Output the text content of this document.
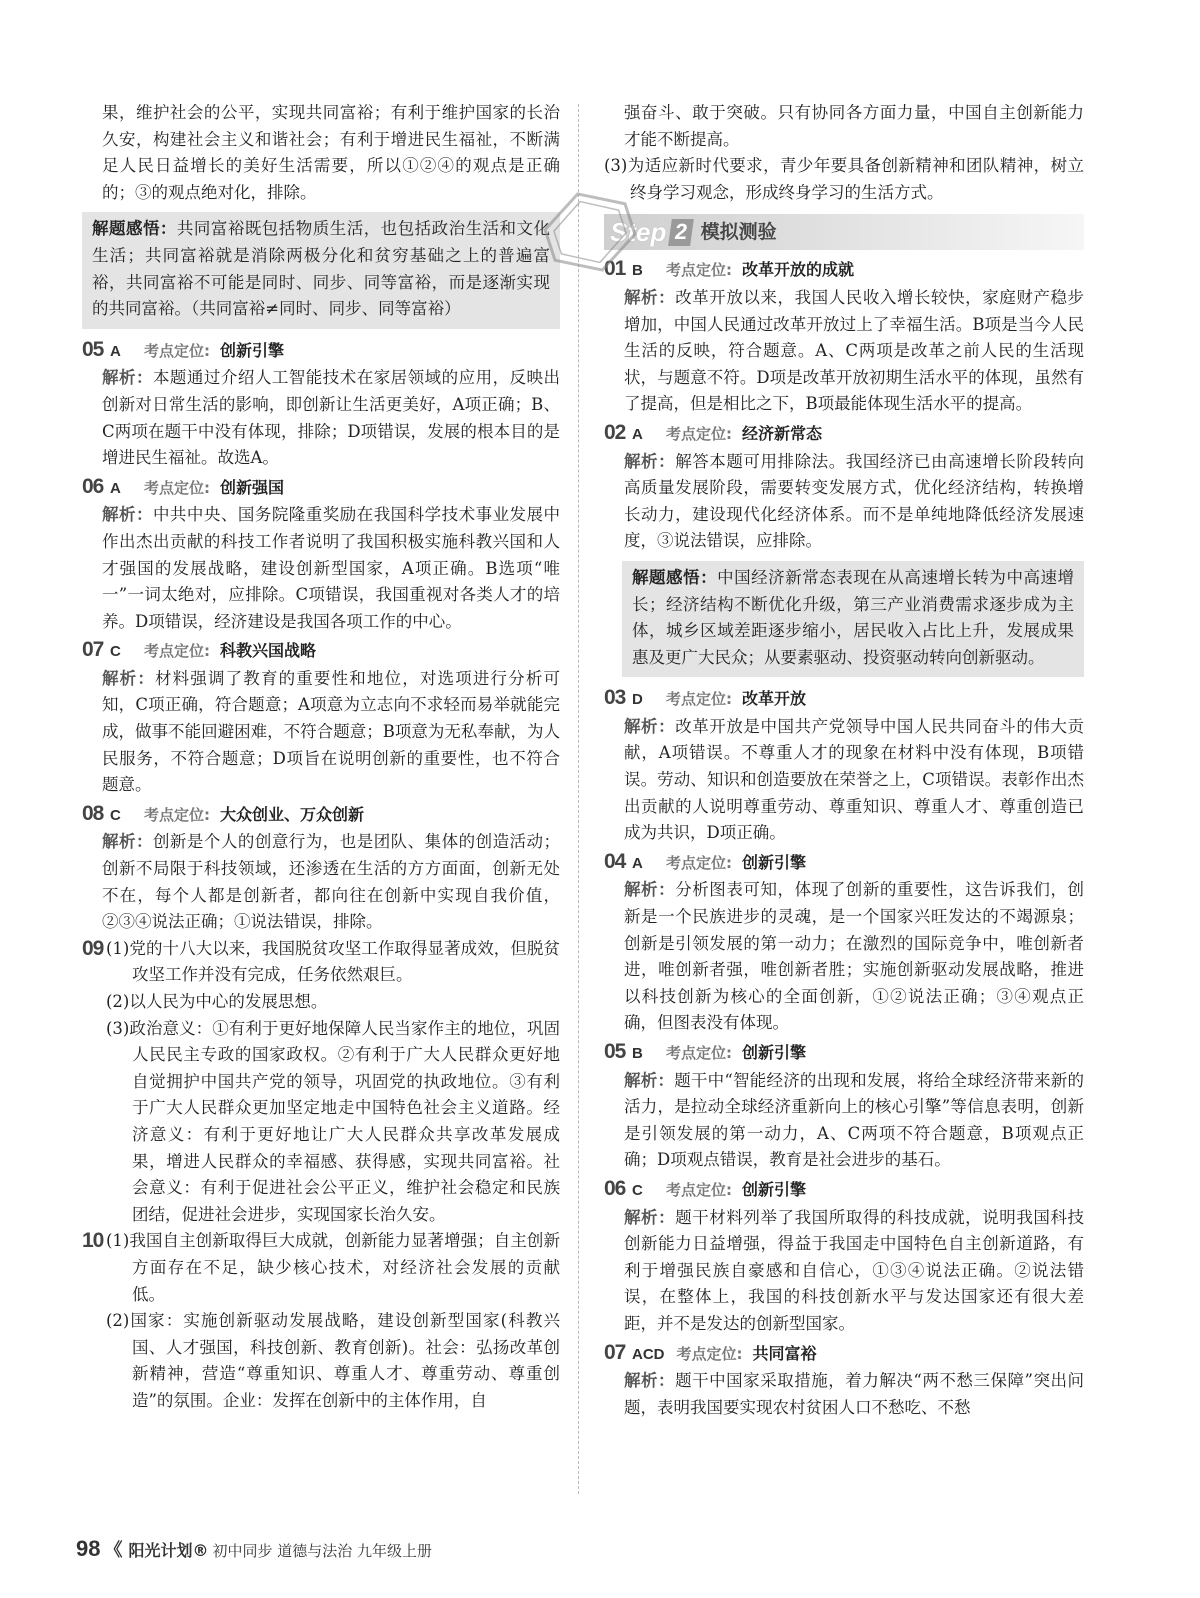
果，维护社会的公平，实现共同富裕；有利于维护国家的长治久安，构建社会主义和谐社会；有利于增进民生福祉，不断满足人民日益增长的美好生活需要，所以①②④的观点是正确的；③的观点绝对化，排除。

解题感悟：共同富裕既包括物质生活，也包括政治生活和文化生活；共同富裕就是消除两极分化和贫穷基础之上的普遍富裕，共同富裕不可能是同时、同步、同等富裕，而是逐渐实现的共同富裕。（共同富裕≠同时、同步、同等富裕）
05 A	考点定位: 创新引擎

解析：本题通过介绍人工智能技术在家居领域的应用，反映出创新对日常生活的影响，即创新让生活更美好，A项正确；B、C两项在题干中没有体现，排除；D项错误，发展的根本目的是增进民生福祉。故选A。

06 A	考点定位: 创新强国

解析：中共中央、国务院隆重奖励在我国科学技术事业发展中作出杰出贡献的科技工作者说明了我国积极实施科教兴国和人才强国的发展战略，建设创新型国家，A项正确。B选项“唯一”一词太绝对，应排除。C项错误，我国重视对各类人才的培养。D项错误，经济建设是我国各项工作的中心。

07 C	考点定位: 科教兴国战略

解析：材料强调了教育的重要性和地位，对选项进行分析可知，C项正确，符合题意；A项意为立志向不求轻而易举就能完成，做事不能回避困难，不符合题意；B项意为无私奉献，为人民服务，不符合题意；D项旨在说明创新的重要性，也不符合题意。

08 C	考点定位: 大众创业、万众创新

解析：创新是个人的创意行为，也是团队、集体的创造活动；创新不局限于科技领域，还渗透在生活的方方面面，创新无处不在，每个人都是创新者，都向往在创新中实现自我价值，②③④说法正确；①说法错误，排除。

09 (1)党的十八大以来，我国脱贫攻坚工作取得显著成效，但脱贫攻坚工作并没有完成，任务依然艰巨。

(2)以人民为中心的发展思想。

(3)政治意义：①有利于更好地保障人民当家作主的地位，巩固人民民主专政的国家政权。②有利于广大人民群众更好地自觉拥护中国共产党的领导，巩固党的执政地位。③有利于广大人民群众更加坚定地走中国特色社会主义道路。经济意义：有利于更好地让广大人民群众共享改革发展成果，增进人民群众的幸福感、获得感，实现共同富裕。社会意义：有利于促进社会公平正义，维护社会稳定和民族团结，促进社会进步，实现国家长治久安。

10 (1)我国自主创新取得巨大成就，创新能力显著增强；自主创新方面存在不足，缺少核心技术，对经济社会发展的贡献低。

(2)国家：实施创新驱动发展战略，建设创新型国家(科教兴国、人才强国，科技创新、教育创新)。社会：弘扬改革创新精神，营造“尊重知识、尊重人才、尊重劳动、尊重创造”的氛围。企业：发挥在创新中的主体作用，自

强奋斗、敢于突破。只有协同各方面力量，中国自主创新能力才能不断提高。

(3)为适应新时代要求，青少年要具备创新精神和团队精神，树立终身学习观念，形成终身学习的生活方式。

Step 2 模拟测验
01 B	考点定位: 改革开放的成就

解析：改革开放以来，我国人民收入增长较快，家庭财产稳步增加，中国人民通过改革开放过上了幸福生活。B项是当今人民生活的反映，符合题意。A、C两项是改革之前人民的生活现状，与题意不符。D项是改革开放初期生活水平的体现，虽然有了提高，但是相比之下，B项最能体现生活水平的提高。

02 A	考点定位: 经济新常态

解析：解答本题可用排除法。我国经济已由高速增长阶段转向高质量发展阶段，需要转变发展方式，优化经济结构，转换增长动力，建设现代化经济体系。而不是单纯地降低经济发展速度，③说法错误，应排除。

解题感悟：中国经济新常态表现在从高速增长转为中高速增长；经济结构不断优化升级，第三产业消费需求逐步成为主体，城乡区域差距逐步缩小，居民收入占比上升，发展成果惠及更广大民众；从要素驱动、投资驱动转向创新驱动。
03 D	考点定位: 改革开放

解析：改革开放是中国共产党领导中国人民共同奋斗的伟大贡献，A项错误。不尊重人才的现象在材料中没有体现，B项错误。劳动、知识和创造要放在荣誉之上，C项错误。表彰作出杰出贡献的人说明尊重劳动、尊重知识、尊重人才、尊重创造已成为共识，D项正确。

04 A	考点定位: 创新引擎

解析：分析图表可知，体现了创新的重要性，这告诉我们，创新是一个民族进步的灵魂，是一个国家兴旺发达的不竭源泉；创新是引领发展的第一动力；在激烈的国际竞争中，唯创新者进，唯创新者强，唯创新者胜；实施创新驱动发展战略，推进以科技创新为核心的全面创新，①②说法正确；③④观点正确，但图表没有体现。

05 B	考点定位: 创新引擎

解析：题干中“智能经济的出现和发展，将给全球经济带来新的活力，是拉动全球经济重新向上的核心引擎”等信息表明，创新是引领发展的第一动力，A、C两项不符合题意，B项观点正确；D项观点错误，教育是社会进步的基石。

06 C	考点定位: 创新引擎

解析：题干材料列举了我国所取得的科技成就，说明我国科技创新能力日益增强，得益于我国走中国特色自主创新道路，有利于增强民族自豪感和自信心，①③④说法正确。②说法错误，在整体上，我国的科技创新水平与发达国家还有很大差距，并不是发达的创新型国家。

07 ACD 考点定位: 共同富裕

解析：题干中国家采取措施，着力解决“两不愁三保障”突出问题，表明我国要实现农村贫困人口不愁吃、不愁

98 《 阳光计划® 初中同步 道德与法治 九年级上册
